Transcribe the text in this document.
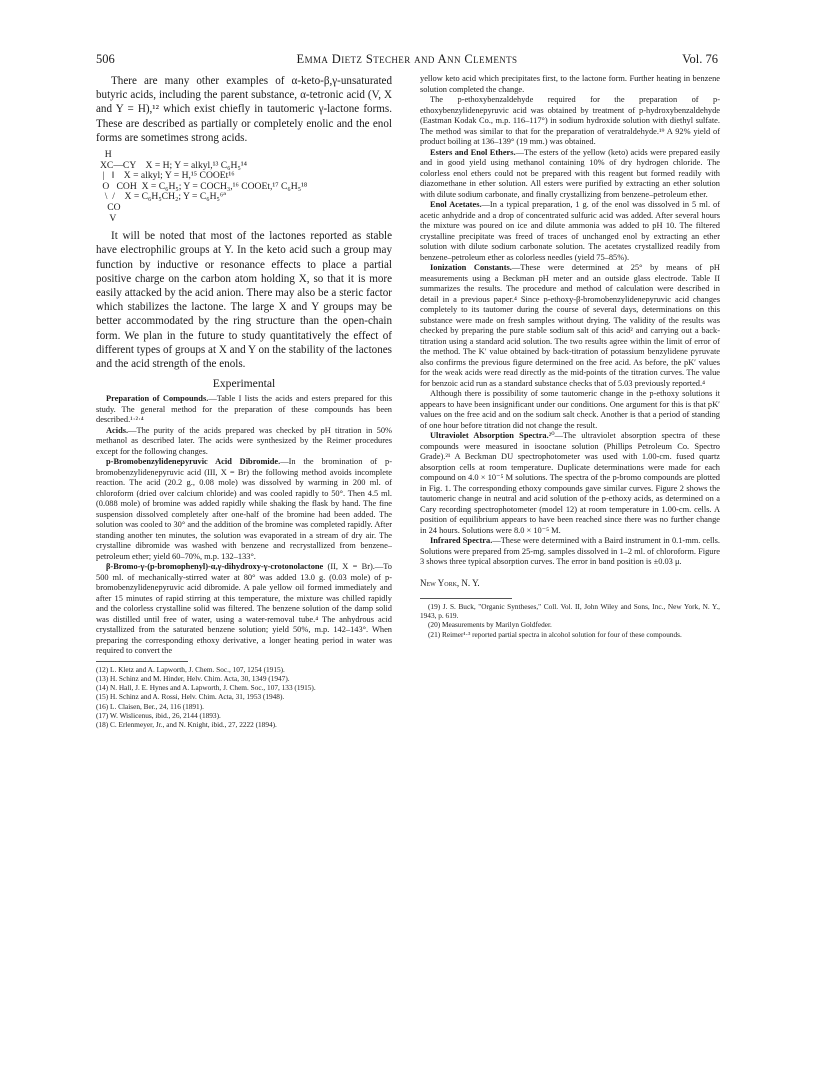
506	Emma Dietz Stecher and Ann Clements	Vol. 76

There are many other examples of α-keto-β,γ-unsaturated butyric acids, including the parent substance, α-tetronic acid (V, X and Y = H),¹² which exist chiefly in tautomeric γ-lactone forms. These are described as partially or completely enolic and the enol forms are sometimes strong acids.

H
XC—CY    X = H; Y = alkyl,¹³ C₆H₅¹⁴
|   ‖    X = alkyl; Y = H,¹⁵ COOEt¹⁶
O   COH  X = C₆H₅; Y = COCH₃,¹⁶ COOEt,¹⁷ C₆H₅¹⁸
\  /    X = C₆H₅CH₂; Y = C₆H₅⁶ª
CO
V

It will be noted that most of the lactones reported as stable have electrophilic groups at Y. In the keto acid such a group may function by inductive or resonance effects to place a partial positive charge on the carbon atom holding X, so that it is more easily attacked by the acid anion. There may also be a steric factor which stabilizes the lactone. The large X and Y groups may be better accommodated by the ring structure than the open-chain form. We plan in the future to study quantitatively the effect of different types of groups at X and Y on the stability of the lactones and the acid strength of the enols.

Experimental

Preparation of Compounds.—Table I lists the acids and esters prepared for this study. The general method for the preparation of these compounds has been described.¹·²·⁴

Acids.—The purity of the acids prepared was checked by pH titration in 50% methanol as described later. The acids were synthesized by the Reimer procedures except for the following changes.

p-Bromobenzylidenepyruvic Acid Dibromide.—In the bromination of p-bromobenzylidenepyruvic acid (III, X = Br) the following method avoids incomplete reaction. The acid (20.2 g., 0.08 mole) was dissolved by warming in 200 ml. of chloroform (dried over calcium chloride) and was cooled rapidly to 50°. Then 4.5 ml. (0.088 mole) of bromine was added rapidly while shaking the flask by hand. The fine suspension dissolved completely after one-half of the bromine had been added. The solution was cooled to 30° and the addition of the bromine was completed rapidly. After standing another ten minutes, the solution was evaporated in a stream of dry air. The crystalline dibromide was washed with benzene and recrystallized from benzene–petroleum ether; yield 60–70%, m.p. 132–133°.

β-Bromo-γ-(p-bromophenyl)-α,γ-dihydroxy-γ-crotonolactone (II, X = Br).—To 500 ml. of mechanically-stirred water at 80° was added 13.0 g. (0.03 mole) of p-bromobenzylidenepyruvic acid dibromide. A pale yellow oil formed immediately and after 15 minutes of rapid stirring at this temperature, the mixture was chilled rapidly and the colorless crystalline solid was filtered. The benzene solution of the damp solid was distilled until free of water, using a water-removal tube.⁴ The anhydrous acid crystallized from the saturated benzene solution; yield 50%, m.p. 142–143°. When preparing the corresponding ethoxy derivative, a longer heating period in water was required to convert the

(12) L. Kletz and A. Lapworth, J. Chem. Soc., 107, 1254 (1915).
(13) H. Schinz and M. Hinder, Helv. Chim. Acta, 30, 1349 (1947).
(14) N. Hall, J. E. Hynes and A. Lapworth, J. Chem. Soc., 107, 133 (1915).
(15) H. Schinz and A. Rossi, Helv. Chim. Acta, 31, 1953 (1948).
(16) L. Claisen, Ber., 24, 116 (1891).
(17) W. Wislicenus, ibid., 26, 2144 (1893).
(18) C. Erlenmeyer, Jr., and N. Knight, ibid., 27, 2222 (1894).

yellow keto acid which precipitates first, to the lactone form. Further heating in benzene solution completed the change.

The p-ethoxybenzaldehyde required for the preparation of p-ethoxybenzylidenepyruvic acid was obtained by treatment of p-hydroxybenzaldehyde (Eastman Kodak Co., m.p. 116–117°) in sodium hydroxide solution with diethyl sulfate. The method was similar to that for the preparation of veratraldehyde.¹⁹ A 92% yield of product boiling at 136–139° (19 mm.) was obtained.

Esters and Enol Ethers.—The esters of the yellow (keto) acids were prepared easily and in good yield using methanol containing 10% of dry hydrogen chloride. The colorless enol ethers could not be prepared with this reagent but formed readily with diazomethane in ether solution. All esters were purified by extracting an ether solution with dilute sodium carbonate, and finally crystallizing from benzene–petroleum ether.

Enol Acetates.—In a typical preparation, 1 g. of the enol was dissolved in 5 ml. of acetic anhydride and a drop of concentrated sulfuric acid was added. After several hours the mixture was poured on ice and dilute ammonia was added to pH 10. The filtered crystalline precipitate was freed of traces of unchanged enol by extracting an ether solution with dilute sodium carbonate solution. The acetates crystallized readily from benzene–petroleum ether as colorless needles (yield 75–85%).

Ionization Constants.—These were determined at 25° by means of pH measurements using a Beckman pH meter and an outside glass electrode. Table II summarizes the results. The procedure and method of calculation were described in detail in a previous paper.⁴ Since p-ethoxy-β-bromobenzylidenepyruvic acid changes completely to its tautomer during the course of several days, determinations on this substance were made on fresh samples without drying. The validity of the results was checked by preparing the pure stable sodium salt of this acid² and carrying out a back-titration using a standard acid solution. The two results agree within the limit of error of the method. The K′ value obtained by back-titration of potassium benzylidene pyruvate also confirms the previous figure determined on the free acid. As before, the pK′ values for the weak acids were read directly as the mid-points of the titration curves. The value for benzoic acid run as a standard substance checks that of 5.03 previously reported.⁴

Although there is possibility of some tautomeric change in the p-ethoxy solutions it appears to have been insignificant under our conditions. One argument for this is that pK′ values on the free acid and on the sodium salt check. Another is that a period of standing of one hour before titration did not change the result.

Ultraviolet Absorption Spectra.²⁰—The ultraviolet absorption spectra of these compounds were measured in isooctane solution (Phillips Petroleum Co. Spectro Grade).²¹ A Beckman DU spectrophotometer was used with 1.00-cm. fused quartz absorption cells at room temperature. Duplicate determinations were made for each compound on 4.0 × 10⁻⁵ M solutions. The spectra of the p-bromo compounds are plotted in Fig. 1. The corresponding ethoxy compounds gave similar curves. Figure 2 shows the tautomeric change in neutral and acid solution of the p-ethoxy acids, as determined on a Cary recording spectrophotometer (model 12) at room temperature in 1.00-cm. cells. A position of equilibrium appears to have been reached since there was no further change in 24 hours. Solutions were 8.0 × 10⁻⁵ M.

Infrared Spectra.—These were determined with a Baird instrument in 0.1-mm. cells. Solutions were prepared from 25-mg. samples dissolved in 1–2 ml. of chloroform. Figure 3 shows three typical absorption curves. The error in band position is ±0.03 μ.

New York, N. Y.

(19) J. S. Buck, "Organic Syntheses," Coll. Vol. II, John Wiley and Sons, Inc., New York, N. Y., 1943, p. 619.

(20) Measurements by Marilyn Goldfeder.

(21) Reimer¹·³ reported partial spectra in alcohol solution for four of these compounds.
